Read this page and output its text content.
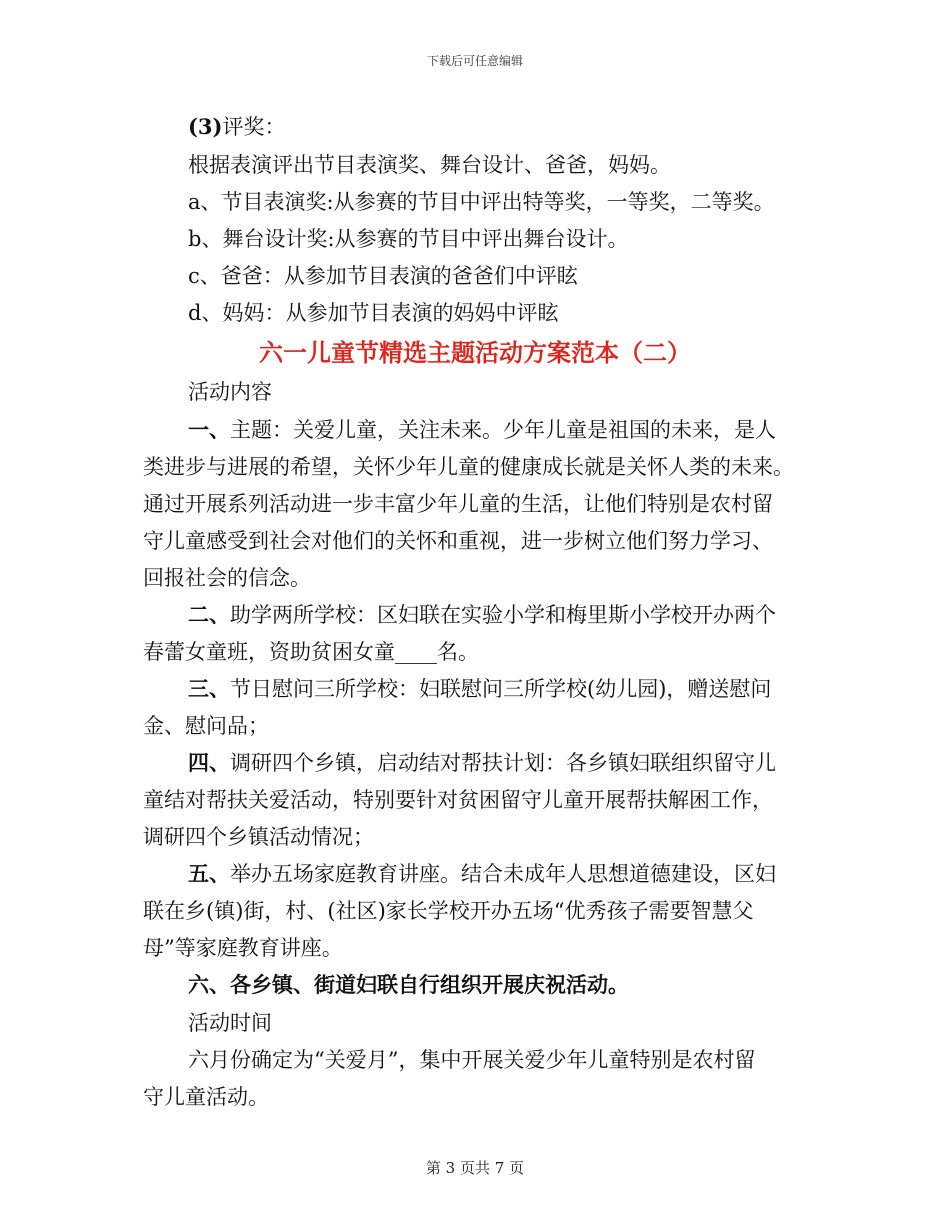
下载后可任意编辑
(3)评奖：
根据表演评出节目表演奖、舞台设计、爸爸，妈妈。
a、节目表演奖:从参赛的节目中评出特等奖，一等奖，二等奖。
b、舞台设计奖:从参赛的节目中评出舞台设计。
c、爸爸：从参加节目表演的爸爸们中评眩
d、妈妈：从参加节目表演的妈妈中评眩
六一儿童节精选主题活动方案范本（二）
活动内容
一、主题：关爱儿童，关注未来。少年儿童是祖国的未来，是人
类进步与进展的希望，关怀少年儿童的健康成长就是关怀人类的未来。
通过开展系列活动进一步丰富少年儿童的生活，让他们特别是农村留
守儿童感受到社会对他们的关怀和重视，进一步树立他们努力学习、
回报社会的信念。
二、助学两所学校：区妇联在实验小学和梅里斯小学校开办两个
春蕾女童班，资助贫困女童____名。
三、节日慰问三所学校：妇联慰问三所学校(幼儿园)，赠送慰问
金、慰问品；
四、调研四个乡镇，启动结对帮扶计划：各乡镇妇联组织留守儿
童结对帮扶关爱活动，特别要针对贫困留守儿童开展帮扶解困工作，
调研四个乡镇活动情况；
五、举办五场家庭教育讲座。结合未成年人思想道德建设，区妇
联在乡(镇)街，村、(社区)家长学校开办五场“优秀孩子需要智慧父
母”等家庭教育讲座。
六、各乡镇、街道妇联自行组织开展庆祝活动。
活动时间
六月份确定为“关爱月”，集中开展关爱少年儿童特别是农村留
守儿童活动。
第 3 页共 7 页
